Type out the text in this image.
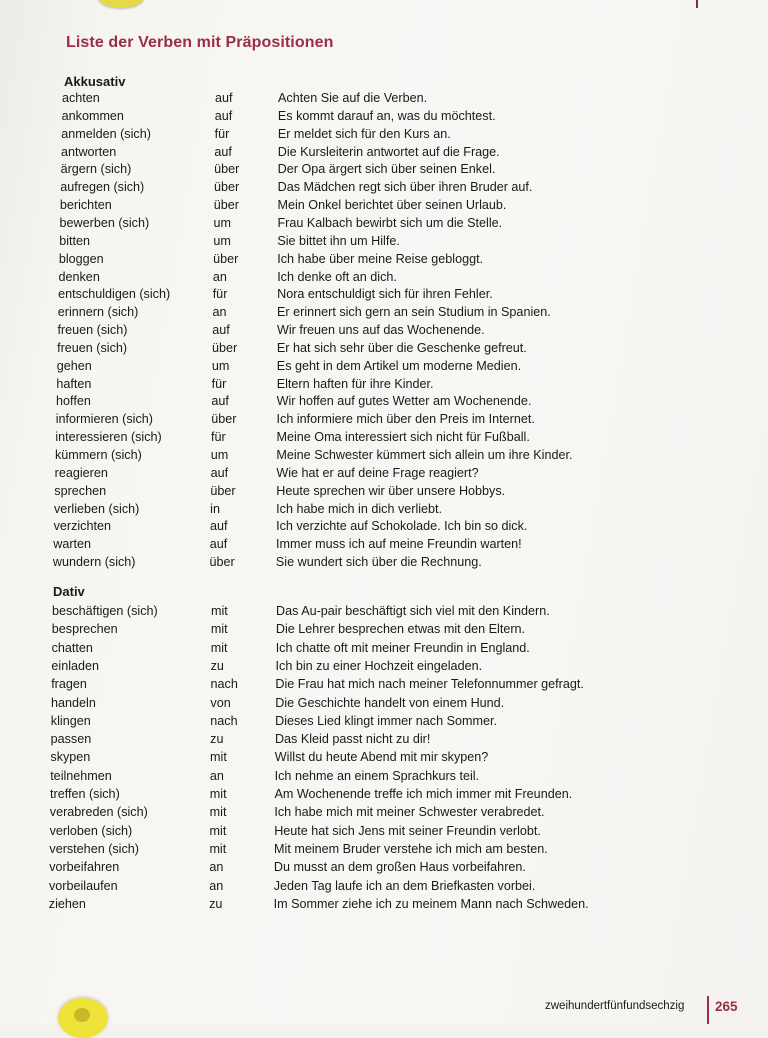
Liste der Verben mit Präpositionen
Akkusativ
achten	auf	Achten Sie auf die Verben.
ankommen	auf	Es kommt darauf an, was du möchtest.
anmelden (sich)	für	Er meldet sich für den Kurs an.
antworten	auf	Die Kursleiterin antwortet auf die Frage.
ärgern (sich)	über	Der Opa ärgert sich über seinen Enkel.
aufregen (sich)	über	Das Mädchen regt sich über ihren Bruder auf.
berichten	über	Mein Onkel berichtet über seinen Urlaub.
bewerben (sich)	um	Frau Kalbach bewirbt sich um die Stelle.
bitten	um	Sie bittet ihn um Hilfe.
bloggen	über	Ich habe über meine Reise gebloggt.
denken	an	Ich denke oft an dich.
entschuldigen (sich)	für	Nora entschuldigt sich für ihren Fehler.
erinnern (sich)	an	Er erinnert sich gern an sein Studium in Spanien.
freuen (sich)	auf	Wir freuen uns auf das Wochenende.
freuen (sich)	über	Er hat sich sehr über die Geschenke gefreut.
gehen	um	Es geht in dem Artikel um moderne Medien.
haften	für	Eltern haften für ihre Kinder.
hoffen	auf	Wir hoffen auf gutes Wetter am Wochenende.
informieren (sich)	über	Ich informiere mich über den Preis im Internet.
interessieren (sich)	für	Meine Oma interessiert sich nicht für Fußball.
kümmern (sich)	um	Meine Schwester kümmert sich allein um ihre Kinder.
reagieren	auf	Wie hat er auf deine Frage reagiert?
sprechen	über	Heute sprechen wir über unsere Hobbys.
verlieben (sich)	in	Ich habe mich in dich verliebt.
verzichten	auf	Ich verzichte auf Schokolade. Ich bin so dick.
warten	auf	Immer muss ich auf meine Freundin warten!
wundern (sich)	über	Sie wundert sich über die Rechnung.
Dativ
beschäftigen (sich)	mit	Das Au-pair beschäftigt sich viel mit den Kindern.
besprechen	mit	Die Lehrer besprechen etwas mit den Eltern.
chatten	mit	Ich chatte oft mit meiner Freundin in England.
einladen	zu	Ich bin zu einer Hochzeit eingeladen.
fragen	nach	Die Frau hat mich nach meiner Telefonnummer gefragt.
handeln	von	Die Geschichte handelt von einem Hund.
klingen	nach	Dieses Lied klingt immer nach Sommer.
passen	zu	Das Kleid passt nicht zu dir!
skypen	mit	Willst du heute Abend mit mir skypen?
teilnehmen	an	Ich nehme an einem Sprachkurs teil.
treffen (sich)	mit	Am Wochenende treffe ich mich immer mit Freunden.
verabreden (sich)	mit	Ich habe mich mit meiner Schwester verabredet.
verloben (sich)	mit	Heute hat sich Jens mit seiner Freundin verlobt.
verstehen (sich)	mit	Mit meinem Bruder verstehe ich mich am besten.
vorbeifahren	an	Du musst an dem großen Haus vorbeifahren.
vorbeilaufen	an	Jeden Tag laufe ich an dem Briefkasten vorbei.
ziehen	zu	Im Sommer ziehe ich zu meinem Mann nach Schweden.
zweihundertfünfundsechzig 265
